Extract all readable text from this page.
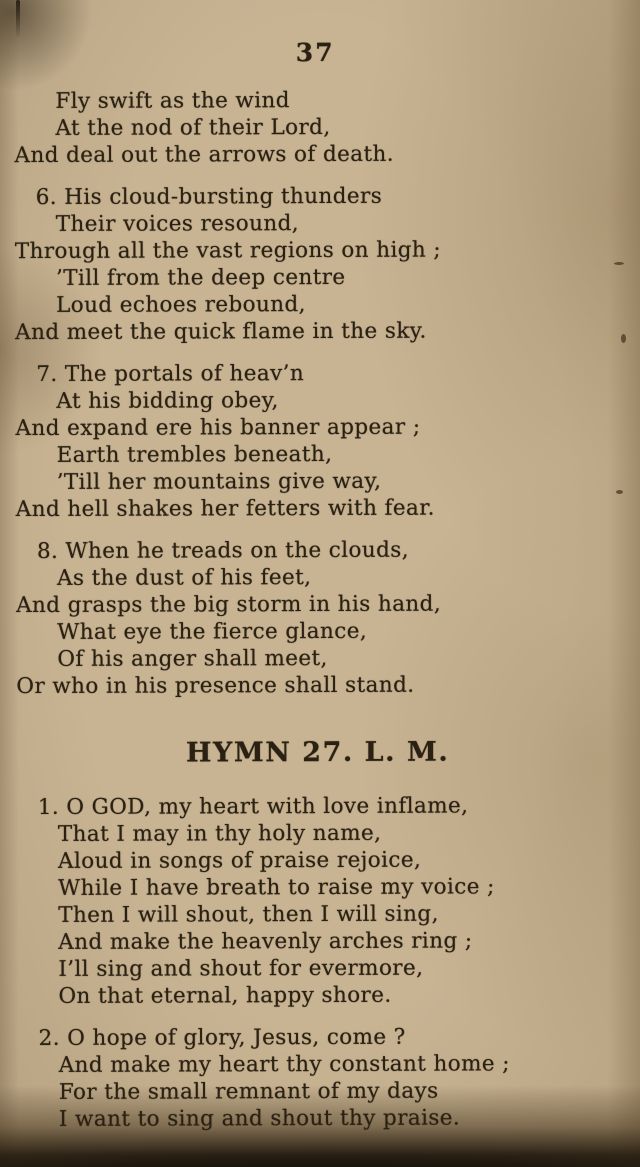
37
Fly swift as the wind
At the nod of their Lord,
And deal out the arrows of death.
6. His cloud-bursting thunders
Their voices resound,
Through all the vast regions on high ;
’Till from the deep centre
Loud echoes rebound,
And meet the quick flame in the sky.
7. The portals of heav’n
At his bidding obey,
And expand ere his banner appear ;
Earth trembles beneath,
’Till her mountains give way,
And hell shakes her fetters with fear.
8. When he treads on the clouds,
As the dust of his feet,
And grasps the big storm in his hand,
What eye the fierce glance,
Of his anger shall meet,
Or who in his presence shall stand.
HYMN 27. L. M.
1. O GOD, my heart with love inflame,
That I may in thy holy name,
Aloud in songs of praise rejoice,
While I have breath to raise my voice ;
Then I will shout, then I will sing,
And make the heavenly arches ring ;
I’ll sing and shout for evermore,
On that eternal, happy shore.
2. O hope of glory, Jesus, come ?
And make my heart thy constant home ;
For the small remnant of my days
I want to sing and shout thy praise.
